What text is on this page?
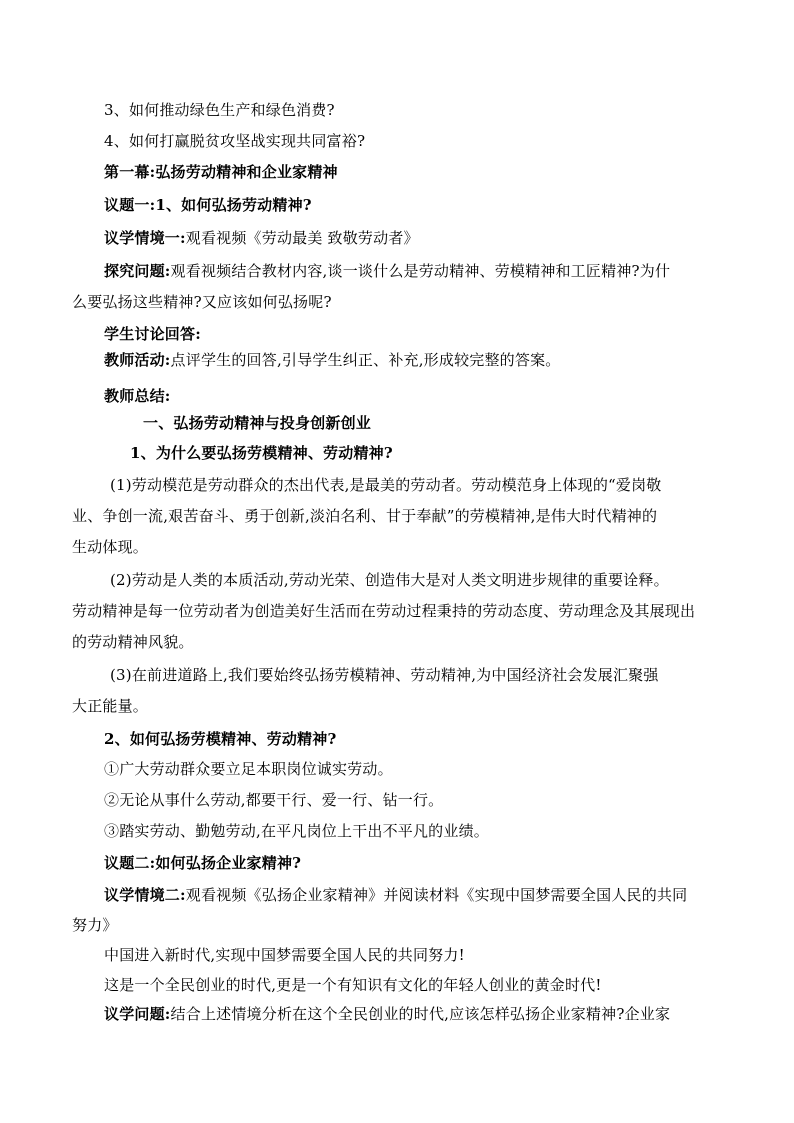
3、如何推动绿色生产和绿色消费?
4、如何打赢脱贫攻坚战实现共同富裕?
第一幕:弘扬劳动精神和企业家精神
议题一:1、如何弘扬劳动精神?
议学情境一:观看视频《劳动最美 致敬劳动者》
探究问题:观看视频结合教材内容,谈一谈什么是劳动精神、劳模精神和工匠精神?为什
么要弘扬这些精神?又应该如何弘扬呢?
学生讨论回答:
教师活动:点评学生的回答,引导学生纠正、补充,形成较完整的答案。
教师总结:
一、弘扬劳动精神与投身创新创业
1、为什么要弘扬劳模精神、劳动精神?
(1)劳动模范是劳动群众的杰出代表,是最美的劳动者。劳动模范身上体现的“爱岗敬
业、争创一流,艰苦奋斗、勇于创新,淡泊名利、甘于奉献”的劳模精神,是伟大时代精神的
生动体现。
(2)劳动是人类的本质活动,劳动光荣、创造伟大是对人类文明进步规律的重要诠释。
劳动精神是每一位劳动者为创造美好生活而在劳动过程秉持的劳动态度、劳动理念及其展现出
的劳动精神风貌。
(3)在前进道路上,我们要始终弘扬劳模精神、劳动精神,为中国经济社会发展汇聚强
大正能量。
2、如何弘扬劳模精神、劳动精神?
①广大劳动群众要立足本职岗位诚实劳动。
②无论从事什么劳动,都要干行、爱一行、钻一行。
③踏实劳动、勤勉劳动,在平凡岗位上干出不平凡的业绩。
议题二:如何弘扬企业家精神?
议学情境二:观看视频《弘扬企业家精神》并阅读材料《实现中国梦需要全国人民的共同
努力》
中国进入新时代,实现中国梦需要全国人民的共同努力!
这是一个全民创业的时代,更是一个有知识有文化的年轻人创业的黄金时代!
议学问题:结合上述情境分析在这个全民创业的时代,应该怎样弘扬企业家精神?企业家
